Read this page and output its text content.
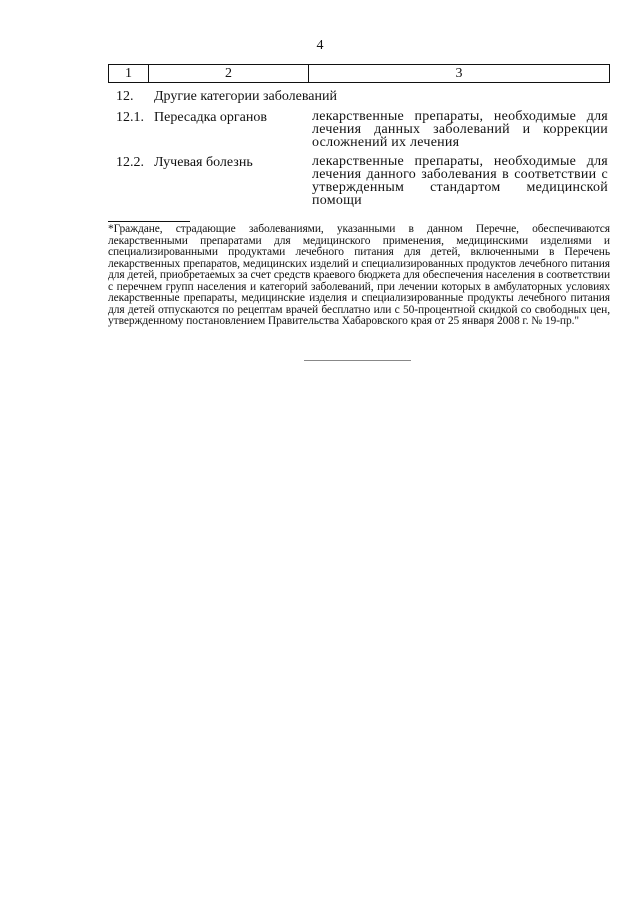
4
1	2	3
12. Другие категории заболеваний
12.1. Пересадка органов	лекарственные препараты, необходимые для лечения данных заболеваний и коррекции осложнений их лечения
12.2. Лучевая болезнь	лекарственные препараты, необходимые для лечения данного заболевания в соответствии с утвержденным стандартом медицинской помощи
*Граждане, страдающие заболеваниями, указанными в данном Перечне, обеспечиваются лекарственными препаратами для медицинского применения, медицинскими изделиями и специализированными продуктами лечебного питания для детей, включенными в Перечень лекарственных препаратов, медицинских изделий и специализированных продуктов лечебного питания для детей, приобретаемых за счет средств краевого бюджета для обеспечения населения в соответствии с перечнем групп населения и категорий заболеваний, при лечении которых в амбулаторных условиях лекарственные препараты, медицинские изделия и специализированные продукты лечебного питания для детей отпускаются по рецептам врачей бесплатно или с 50-процентной скидкой со свободных цен, утвержденному постановлением Правительства Хабаровского края от 25 января 2008 г. № 19-пр."
